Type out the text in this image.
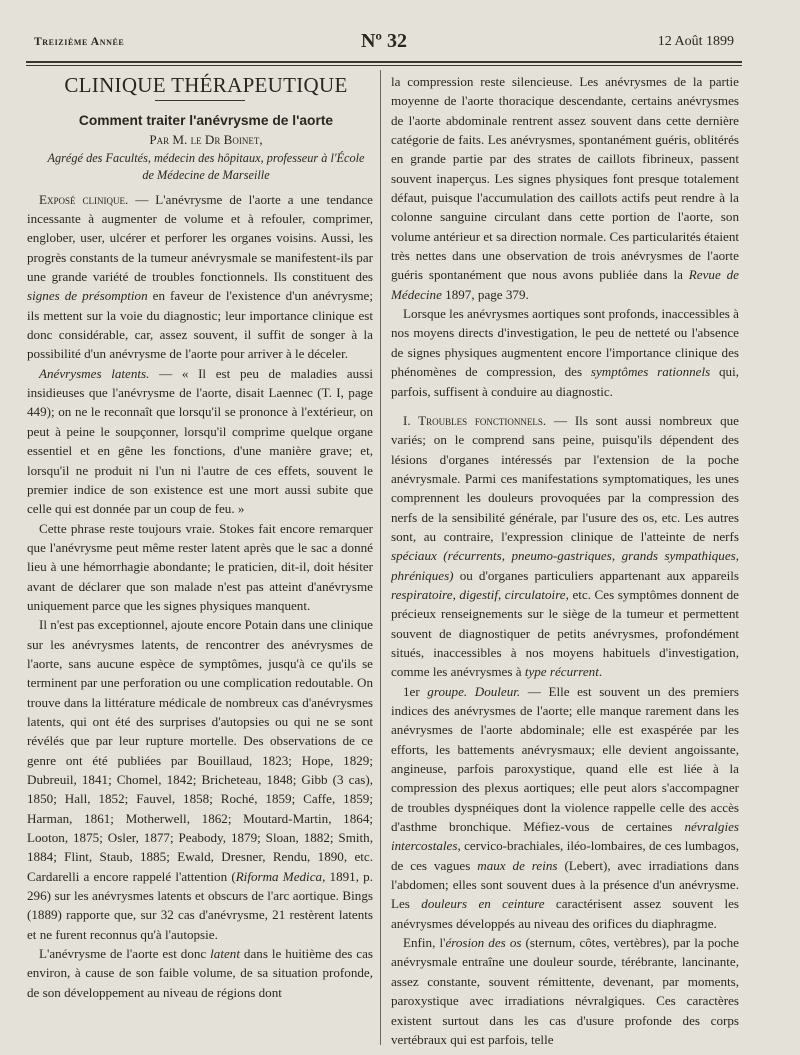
Treizième Année	Nº 32	12 Août 1899

CLINIQUE THÉRAPEUTIQUE

Comment traiter l'anévrysme de l'aorte

Par M. le Dr Boinet,

Agrégé des Facultés, médecin des hôpitaux, professeur à l'École

de Médecine de Marseille

Exposé clinique. — L'anévrysme de l'aorte a une tendance incessante à augmenter de volume et à refouler, comprimer, englober, user, ulcérer et perforer les organes voisins. Aussi, les progrès constants de la tumeur anévrysmale se manifestent-ils par une grande variété de troubles fonctionnels. Ils constituent des signes de présomption en faveur de l'existence d'un anévrysme; ils mettent sur la voie du diagnostic; leur importance clinique est donc considérable, car, assez souvent, il suffit de songer à la possibilité d'un anévrysme de l'aorte pour arriver à le déceler.

Anévrysmes latents. — « Il est peu de maladies aussi insidieuses que l'anévrysme de l'aorte, disait Laennec (T. I, page 449); on ne le reconnaît que lorsqu'il se prononce à l'extérieur, on peut à peine le soupçonner, lorsqu'il comprime quelque organe essentiel et en gêne les fonctions, d'une manière grave; et, lorsqu'il ne produit ni l'un ni l'autre de ces effets, souvent le premier indice de son existence est une mort aussi subite que celle qui est donnée par un coup de feu. »

Cette phrase reste toujours vraie. Stokes fait encore remarquer que l'anévrysme peut même rester latent après que le sac a donné lieu à une hémorrhagie abondante; le praticien, dit-il, doit hésiter avant de déclarer que son malade n'est pas atteint d'anévrysme uniquement parce que les signes physiques manquent.

Il n'est pas exceptionnel, ajoute encore Potain dans une clinique sur les anévrysmes latents, de rencontrer des anévrysmes de l'aorte, sans aucune espèce de symptômes, jusqu'à ce qu'ils se terminent par une perforation ou une complication redoutable. On trouve dans la littérature médicale de nombreux cas d'anévrysmes latents, qui ont été des surprises d'autopsies ou qui ne se sont révélés que par leur rupture mortelle. Des observations de ce genre ont été publiées par Bouillaud, 1823; Hope, 1829; Dubreuil, 1841; Chomel, 1842; Bricheteau, 1848; Gibb (3 cas), 1850; Hall, 1852; Fauvel, 1858; Roché, 1859; Caffe, 1859; Harman, 1861; Motherwell, 1862; Moutard-Martin, 1864; Looton, 1875; Osler, 1877; Peabody, 1879; Sloan, 1882; Smith, 1884; Flint, Staub, 1885; Ewald, Dresner, Rendu, 1890, etc. Cardarelli a encore rappelé l'attention (Riforma Medica, 1891, p. 296) sur les anévrysmes latents et obscurs de l'arc aortique. Bings (1889) rapporte que, sur 32 cas d'anévrysme, 21 restèrent latents et ne furent reconnus qu'à l'autopsie.

L'anévrysme de l'aorte est donc latent dans le huitième des cas environ, à cause de son faible volume, de sa situation profonde, de son développement au niveau de régions dont

la compression reste silencieuse. Les anévrysmes de la partie moyenne de l'aorte thoracique descendante, certains anévrysmes de l'aorte abdominale rentrent assez souvent dans cette dernière catégorie de faits. Les anévrysmes, spontanément guéris, oblitérés en grande partie par des strates de caillots fibrineux, passent souvent inaperçus. Les signes physiques font presque totalement défaut, puisque l'accumulation des caillots actifs peut rendre à la colonne sanguine circulant dans cette portion de l'aorte, son volume antérieur et sa direction normale. Ces particularités étaient très nettes dans une observation de trois anévrysmes de l'aorte guéris spontanément que nous avons publiée dans la Revue de Médecine 1897, page 379.

Lorsque les anévrysmes aortiques sont profonds, inaccessibles à nos moyens directs d'investigation, le peu de netteté ou l'absence de signes physiques augmentent encore l'importance clinique des phénomènes de compression, des symptômes rationnels qui, parfois, suffisent à conduire au diagnostic.

I. Troubles fonctionnels. — Ils sont aussi nombreux que variés; on le comprend sans peine, puisqu'ils dépendent des lésions d'organes intéressés par l'extension de la poche anévrysmale. Parmi ces manifestations symptomatiques, les unes comprennent les douleurs provoquées par la compression des nerfs de la sensibilité générale, par l'usure des os, etc. Les autres sont, au contraire, l'expression clinique de l'atteinte de nerfs spéciaux (récurrents, pneumo-gastriques, grands sympathiques, phréniques) ou d'organes particuliers appartenant aux appareils respiratoire, digestif, circulatoire, etc. Ces symptômes donnent de précieux renseignements sur le siège de la tumeur et permettent souvent de diagnostiquer de petits anévrysmes, profondément situés, inaccessibles à nos moyens habituels d'investigation, comme les anévrysmes à type récurrent.

1er groupe. Douleur. — Elle est souvent un des premiers indices des anévrysmes de l'aorte; elle manque rarement dans les anévrysmes de l'aorte abdominale; elle est exaspérée par les efforts, les battements anévrysmaux; elle devient angoissante, angineuse, parfois paroxystique, quand elle est liée à la compression des plexus aortiques; elle peut alors s'accompagner de troubles dyspnéiques dont la violence rappelle celle des accès d'asthme bronchique. Méfiez-vous de certaines névralgies intercostales, cervico-brachiales, iléo-lombaires, de ces lumbagos, de ces vagues maux de reins (Lebert), avec irradiations dans l'abdomen; elles sont souvent dues à la présence d'un anévrysme. Les douleurs en ceinture caractérisent assez souvent les anévrysmes développés au niveau des orifices du diaphragme.

Enfin, l'érosion des os (sternum, côtes, vertèbres), par la poche anévrysmale entraîne une douleur sourde, térébrante, lancinante, assez constante, souvent rémittente, devenant, par moments, paroxystique avec irradiations névralgiques. Ces caractères existent surtout dans les cas d'usure profonde des corps vertébraux qui est parfois, telle
